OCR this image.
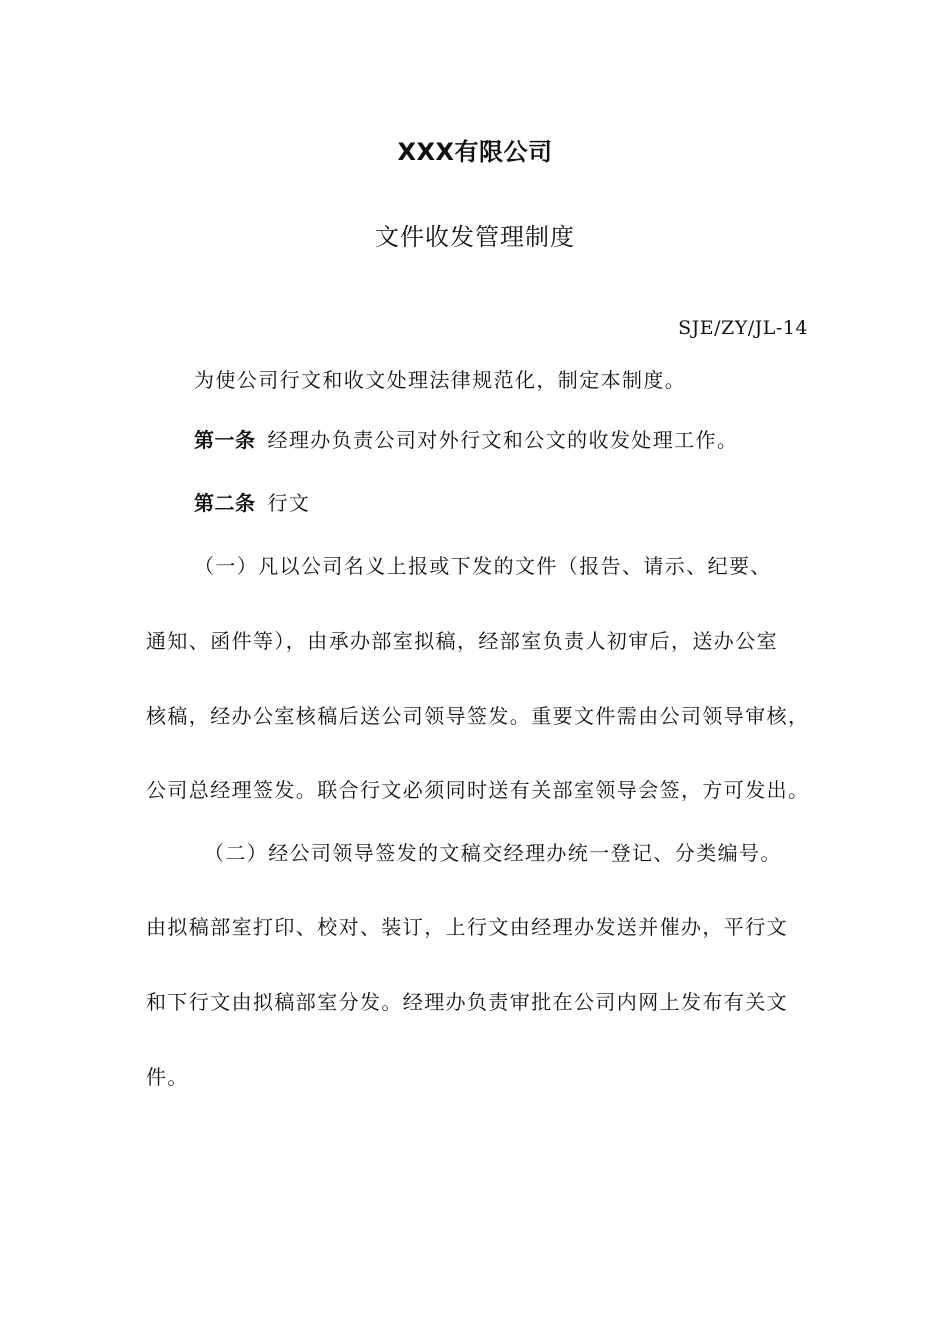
XXX有限公司
文件收发管理制度
SJE/ZY/JL-14
为使公司行文和收文处理法律规范化，制定本制度。
第一条 经理办负责公司对外行文和公文的收发处理工作。
第二条 行文
（一）凡以公司名义上报或下发的文件（报告、请示、纪要、
通知、函件等），由承办部室拟稿，经部室负责人初审后，送办公室
核稿，经办公室核稿后送公司领导签发。重要文件需由公司领导审核，
公司总经理签发。联合行文必须同时送有关部室领导会签，方可发出。
（二）经公司领导签发的文稿交经理办统一登记、分类编号。
由拟稿部室打印、校对、装订，上行文由经理办发送并催办，平行文
和下行文由拟稿部室分发。经理办负责审批在公司内网上发布有关文
件。
